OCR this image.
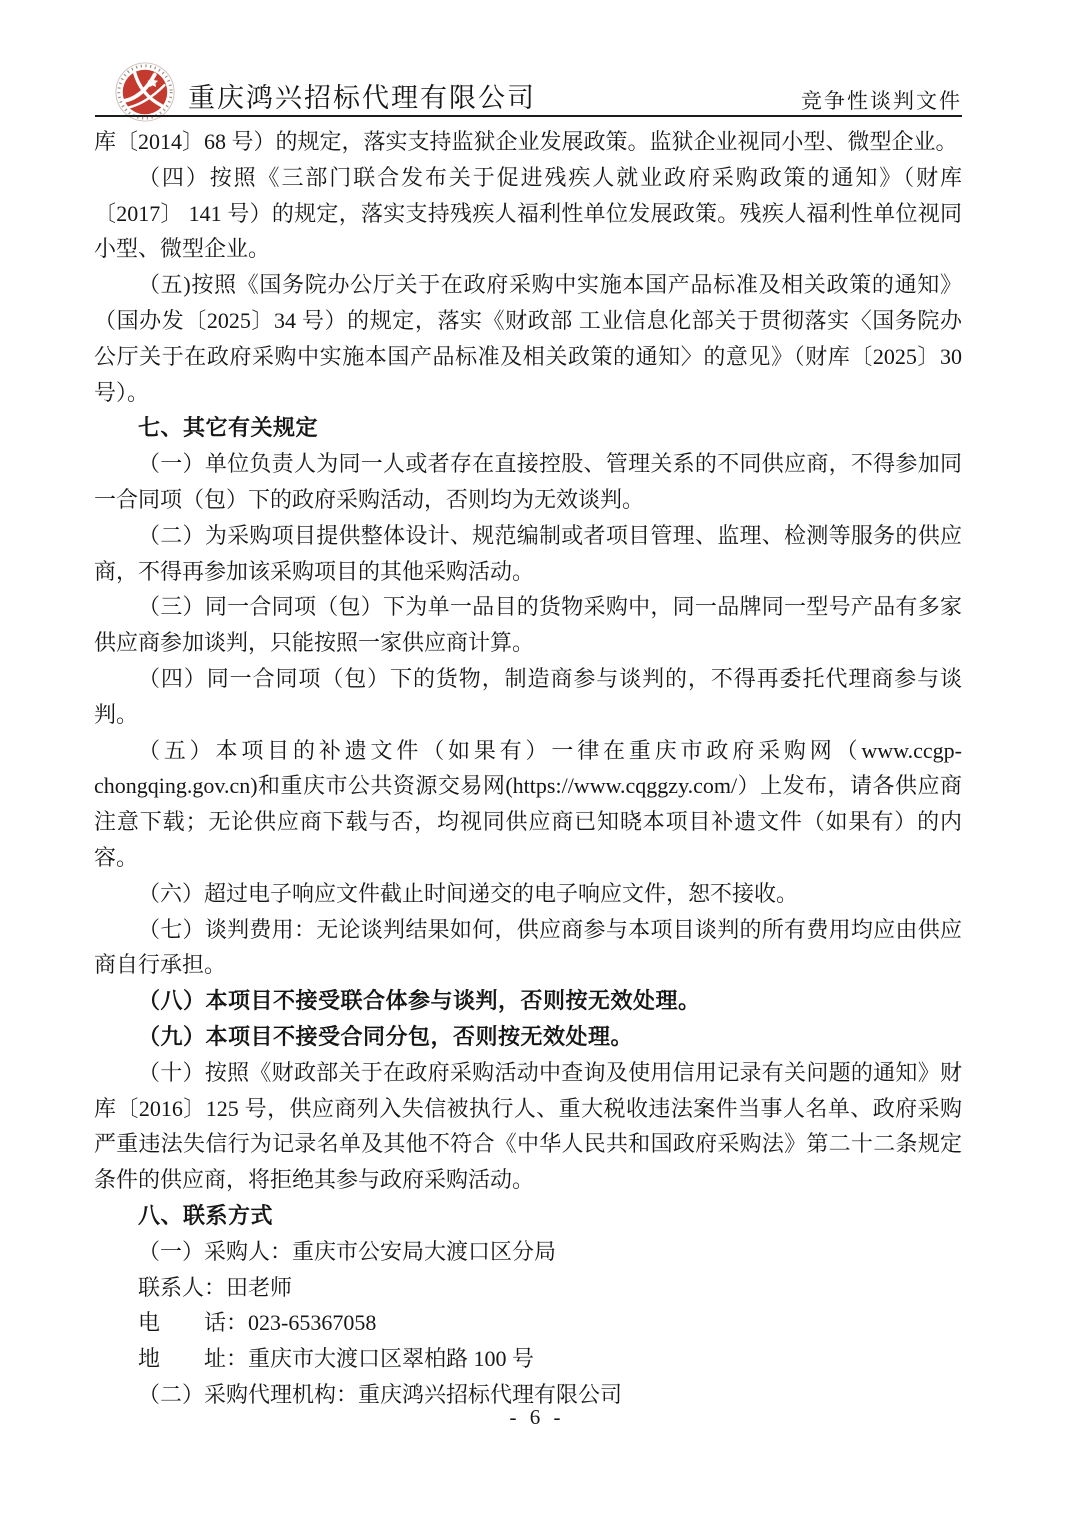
重庆鸿兴招标代理有限公司	竞争性谈判文件

库〔2014〕68 号）的规定，落实支持监狱企业发展政策。监狱企业视同小型、微型企业。

（四）按照《三部门联合发布关于促进残疾人就业政府采购政策的通知》（财库〔2017〕 141 号）的规定，落实支持残疾人福利性单位发展政策。残疾人福利性单位视同小型、微型企业。

（五)按照《国务院办公厅关于在政府采购中实施本国产品标准及相关政策的通知》（国办发〔2025〕34 号）的规定，落实《财政部 工业信息化部关于贯彻落实〈国务院办公厅关于在政府采购中实施本国产品标准及相关政策的通知〉的意见》（财库〔2025〕30 号）。

七、其它有关规定

（一）单位负责人为同一人或者存在直接控股、管理关系的不同供应商，不得参加同一合同项（包）下的政府采购活动，否则均为无效谈判。

（二）为采购项目提供整体设计、规范编制或者项目管理、监理、检测等服务的供应商，不得再参加该采购项目的其他采购活动。

（三）同一合同项（包）下为单一品目的货物采购中，同一品牌同一型号产品有多家供应商参加谈判，只能按照一家供应商计算。

（四）同一合同项（包）下的货物，制造商参与谈判的，不得再委托代理商参与谈判。

（五）本项目的补遗文件（如果有）一律在重庆市政府采购网（www.ccgp-chongqing.gov.cn)和重庆市公共资源交易网(https://www.cqggzy.com/）上发布，请各供应商注意下载；无论供应商下载与否，均视同供应商已知晓本项目补遗文件（如果有）的内容。

（六）超过电子响应文件截止时间递交的电子响应文件，恕不接收。

（七）谈判费用：无论谈判结果如何，供应商参与本项目谈判的所有费用均应由供应商自行承担。

（八）本项目不接受联合体参与谈判，否则按无效处理。

（九）本项目不接受合同分包，否则按无效处理。

（十）按照《财政部关于在政府采购活动中查询及使用信用记录有关问题的通知》财库〔2016〕125 号，供应商列入失信被执行人、重大税收违法案件当事人名单、政府采购严重违法失信行为记录名单及其他不符合《中华人民共和国政府采购法》第二十二条规定条件的供应商，将拒绝其参与政府采购活动。

八、联系方式

（一）采购人：重庆市公安局大渡口区分局

联系人：田老师

电　　话：023-65367058

地　　址：重庆市大渡口区翠柏路 100 号

（二）采购代理机构：重庆鸿兴招标代理有限公司

- 6 -
